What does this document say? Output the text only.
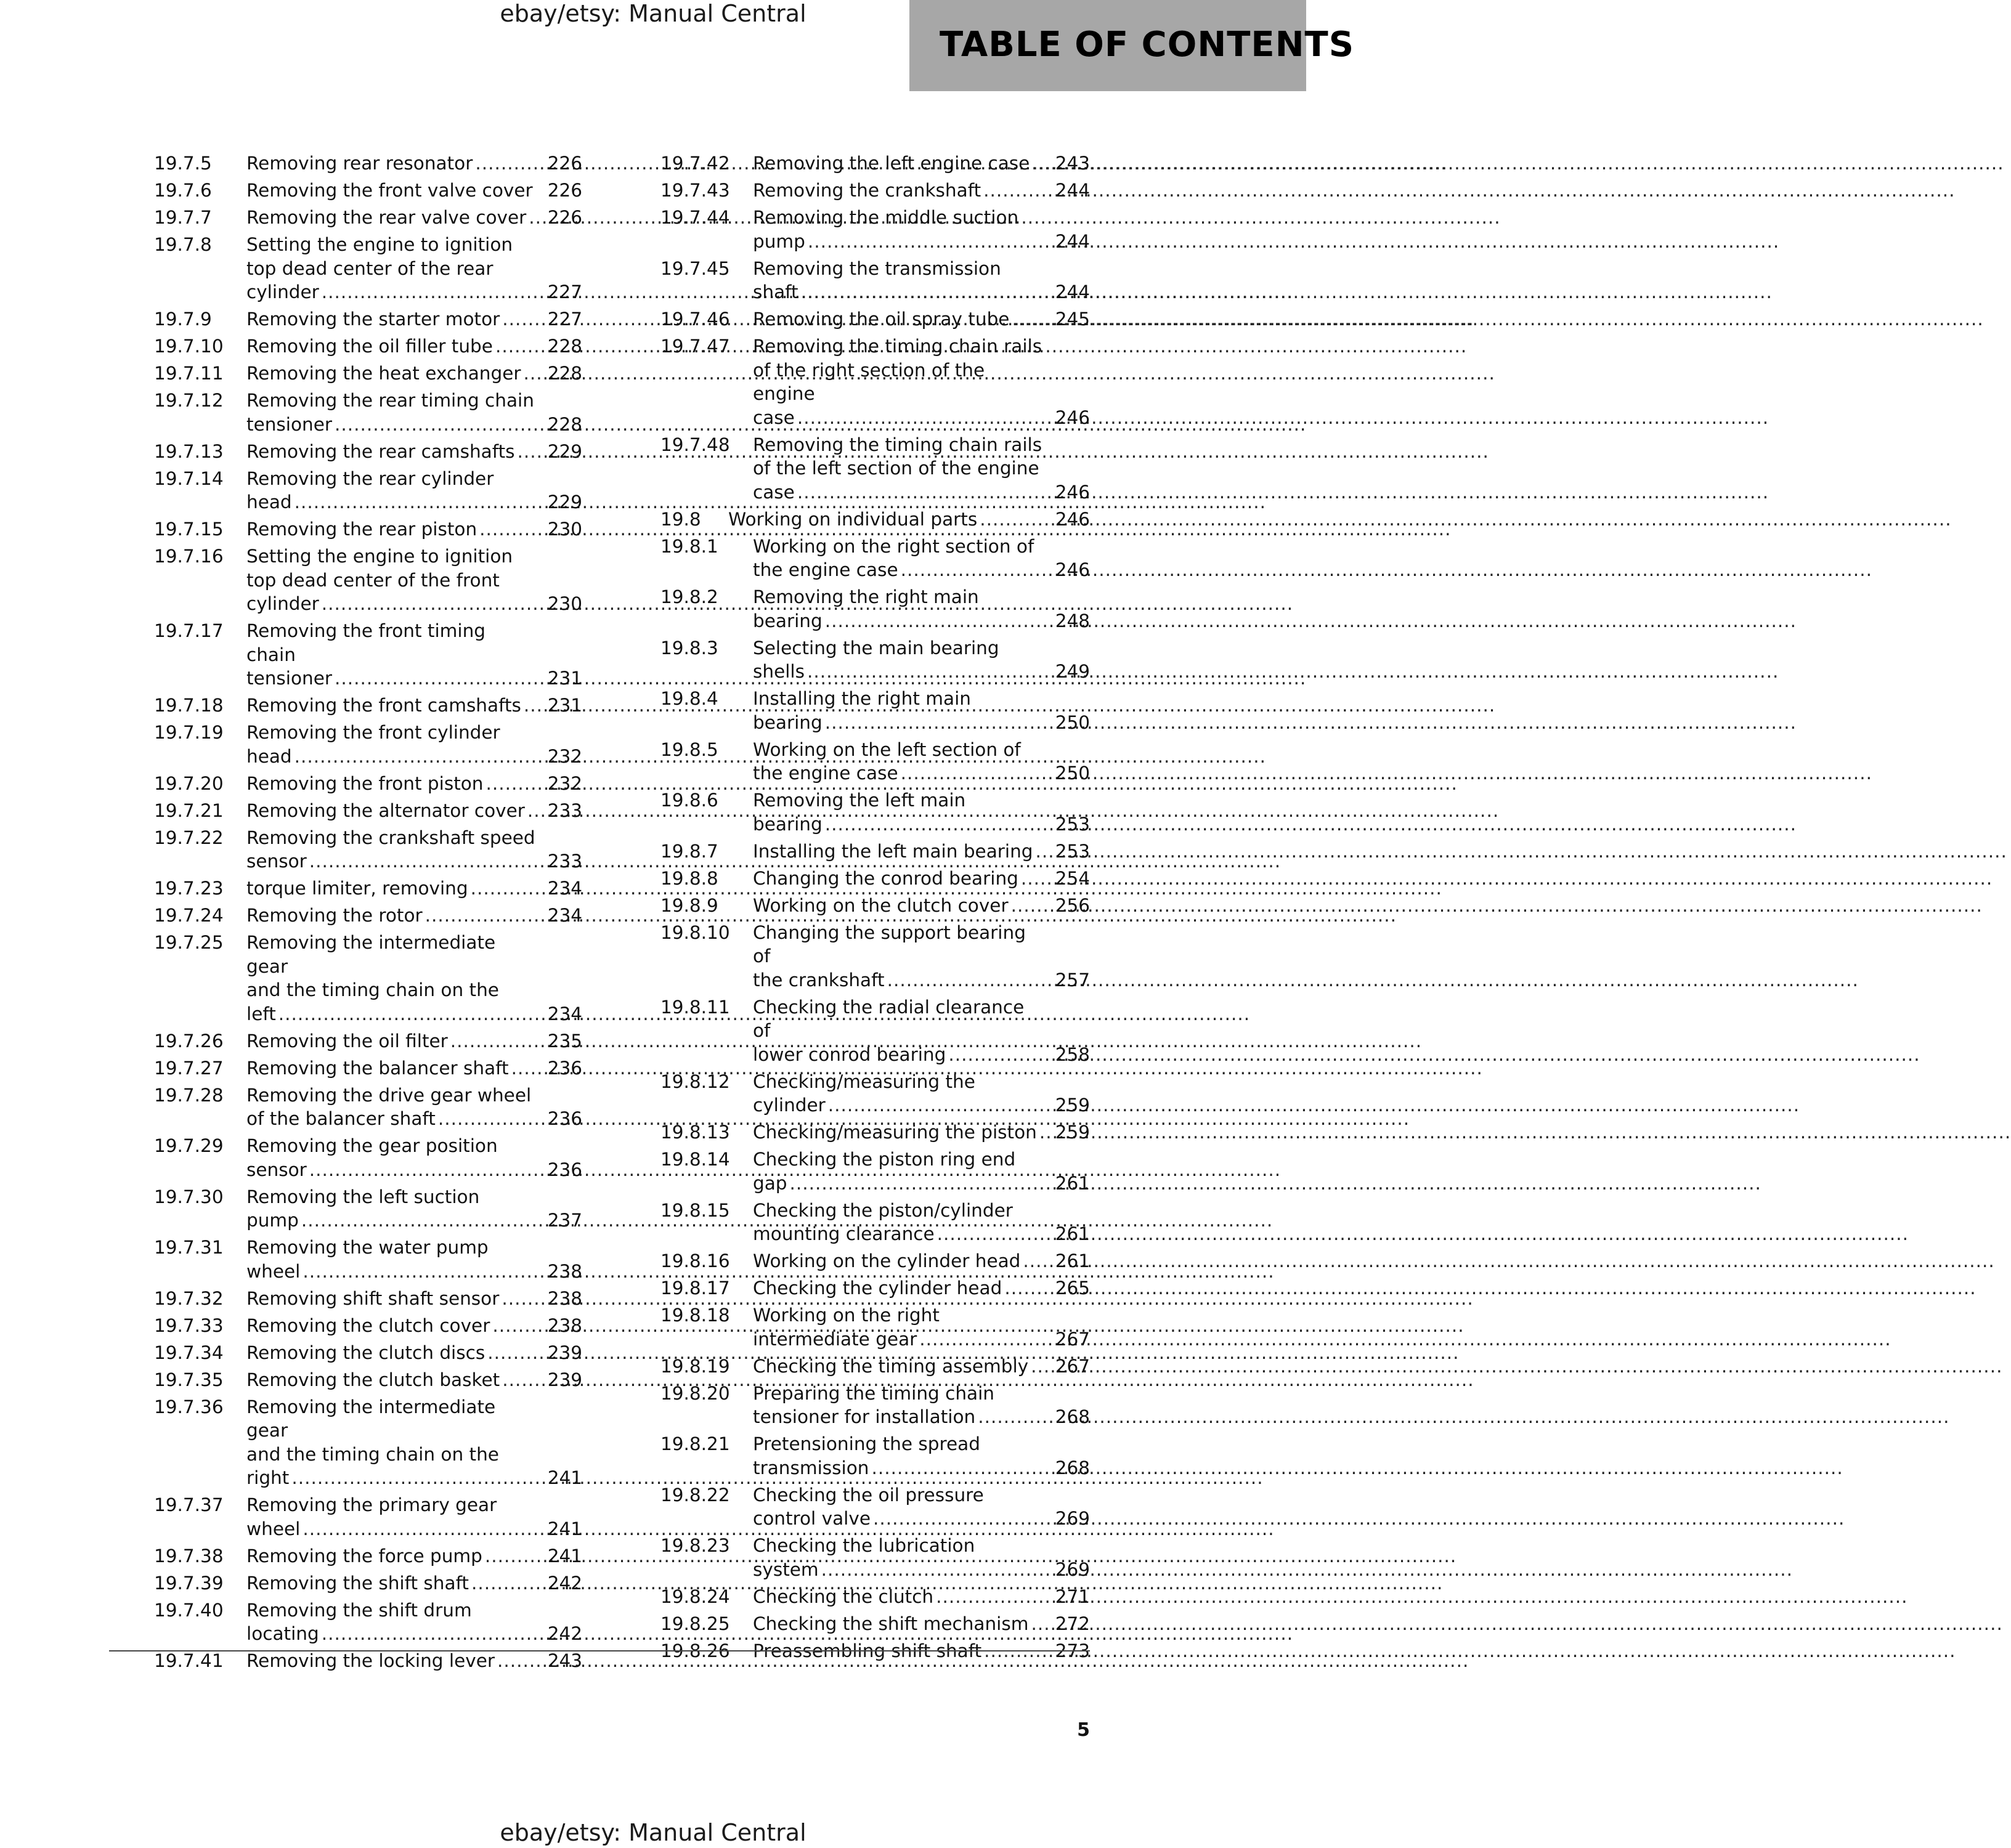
ebay/etsy: Manual Central
TABLE OF CONTENTS
19.7.5 Removing rear resonator .....	226
19.7.6 Removing the front valve cover ..... 226
19.7.7 Removing the rear valve cover .....	226
19.7.8 Setting the engine to ignition
top dead center of the rear
cylinder .....	227
19.7.9 Removing the starter motor .....	227
19.7.10 Removing the oil filler tube .....	228
19.7.11 Removing the heat exchanger .....	228
19.7.12 Removing the rear timing chain
tensioner .....	228
19.7.13 Removing the rear camshafts .....	229
19.7.14 Removing the rear cylinder
head .....	229
19.7.15 Removing the rear piston .....	230
19.7.16 Setting the engine to ignition
top dead center of the front
cylinder .....	230
19.7.17 Removing the front timing chain
tensioner .....	231
19.7.18 Removing the front camshafts .....	231
19.7.19 Removing the front cylinder
head .....	232
19.7.20 Removing the front piston .....	232
19.7.21 Removing the alternator cover .....	233
19.7.22 Removing the crankshaft speed
sensor .....	233
19.7.23 torque limiter, removing .....	234
19.7.24 Removing the rotor .....	234
19.7.25 Removing the intermediate gear
and the timing chain on the
left .....	234
19.7.26 Removing the oil filter .....	235
19.7.27 Removing the balancer shaft .....	236
19.7.28 Removing the drive gear wheel
of the balancer shaft .....	236
19.7.29 Removing the gear position
sensor .....	236
19.7.30 Removing the left suction
pump .....	237
19.7.31 Removing the water pump
wheel .....	238
19.7.32 Removing shift shaft sensor .....	238
19.7.33 Removing the clutch cover .....	238
19.7.34 Removing the clutch discs .....	239
19.7.35 Removing the clutch basket .....	239
19.7.36 Removing the intermediate gear
and the timing chain on the
right .....	241
19.7.37 Removing the primary gear
wheel .....	241
19.7.38 Removing the force pump .....	241
19.7.39 Removing the shift shaft .....	242
19.7.40 Removing the shift drum
locating .....	242
19.7.41 Removing the locking lever .....	243
19.7.42 Removing the left engine case .....	243
19.7.43 Removing the crankshaft .....	244
19.7.44 Removing the middle suction
pump .....	244
19.7.45 Removing the transmission
shaft .....	244
19.7.46 Removing the oil spray tube .....	245
19.7.47 Removing the timing chain rails
of the right section of the engine
case .....	246
19.7.48 Removing the timing chain rails
of the left section of the engine
case .....	246
19.8 Working on individual parts .....	246
19.8.1 Working on the right section of
the engine case .....	246
19.8.2 Removing the right main
bearing .....	248
19.8.3 Selecting the main bearing
shells .....	249
19.8.4 Installing the right main
bearing .....	250
19.8.5 Working on the left section of
the engine case .....	250
19.8.6 Removing the left main
bearing .....	253
19.8.7 Installing the left main bearing .....	253
19.8.8 Changing the conrod bearing .....	254
19.8.9 Working on the clutch cover .....	256
19.8.10 Changing the support bearing of
the crankshaft .....	257
19.8.11 Checking the radial clearance of
lower conrod bearing .....	258
19.8.12 Checking/measuring the
cylinder .....	259
19.8.13 Checking/measuring the piston .....	259
19.8.14 Checking the piston ring end
gap .....	261
19.8.15 Checking the piston/cylinder
mounting clearance .....	261
19.8.16 Working on the cylinder head .....	261
19.8.17 Checking the cylinder head .....	265
19.8.18 Working on the right
intermediate gear .....	267
19.8.19 Checking the timing assembly .....	267
19.8.20 Preparing the timing chain
tensioner for installation .....	268
19.8.21 Pretensioning the spread
transmission .....	268
19.8.22 Checking the oil pressure
control valve .....	269
19.8.23 Checking the lubrication
system .....	269
19.8.24 Checking the clutch .....	271
19.8.25 Checking the shift mechanism .....	272
19.8.26 Preassembling shift shaft .....	273
5
ebay/etsy: Manual Central
